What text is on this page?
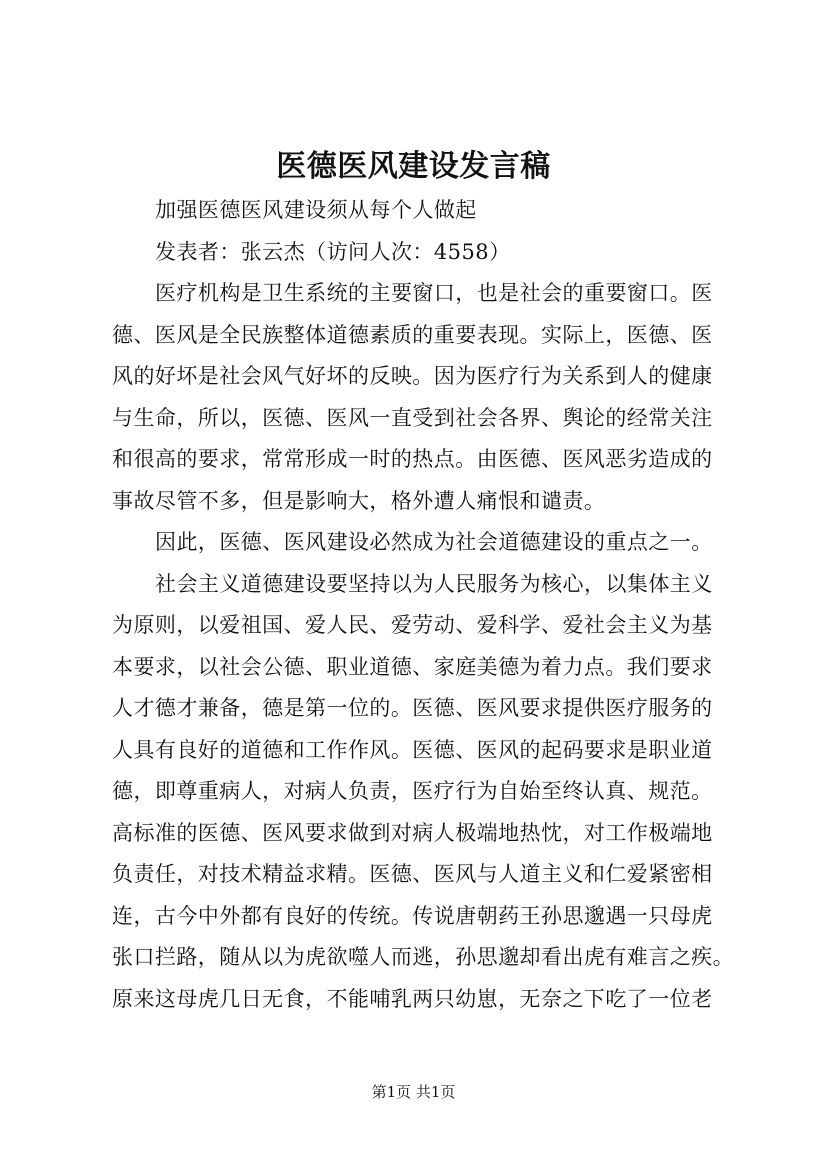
医德医风建设发言稿
加强医德医风建设须从每个人做起
发表者：张云杰（访问人次：4558）
医疗机构是卫生系统的主要窗口，也是社会的重要窗口。医
德、医风是全民族整体道德素质的重要表现。实际上，医德、医
风的好坏是社会风气好坏的反映。因为医疗行为关系到人的健康
与生命，所以，医德、医风一直受到社会各界、舆论的经常关注
和很高的要求，常常形成一时的热点。由医德、医风恶劣造成的
事故尽管不多，但是影响大，格外遭人痛恨和谴责。
因此，医德、医风建设必然成为社会道德建设的重点之一。
社会主义道德建设要坚持以为人民服务为核心，以集体主义
为原则，以爱祖国、爱人民、爱劳动、爱科学、爱社会主义为基
本要求，以社会公德、职业道德、家庭美德为着力点。我们要求
人才德才兼备，德是第一位的。医德、医风要求提供医疗服务的
人具有良好的道德和工作作风。医德、医风的起码要求是职业道
德，即尊重病人，对病人负责，医疗行为自始至终认真、规范。
高标准的医德、医风要求做到对病人极端地热忱，对工作极端地
负责任，对技术精益求精。医德、医风与人道主义和仁爱紧密相
连，古今中外都有良好的传统。传说唐朝药王孙思邈遇一只母虎
张口拦路，随从以为虎欲噬人而逃，孙思邈却看出虎有难言之疾。
原来这母虎几日无食，不能哺乳两只幼崽，无奈之下吃了一位老
第1页 共1页
